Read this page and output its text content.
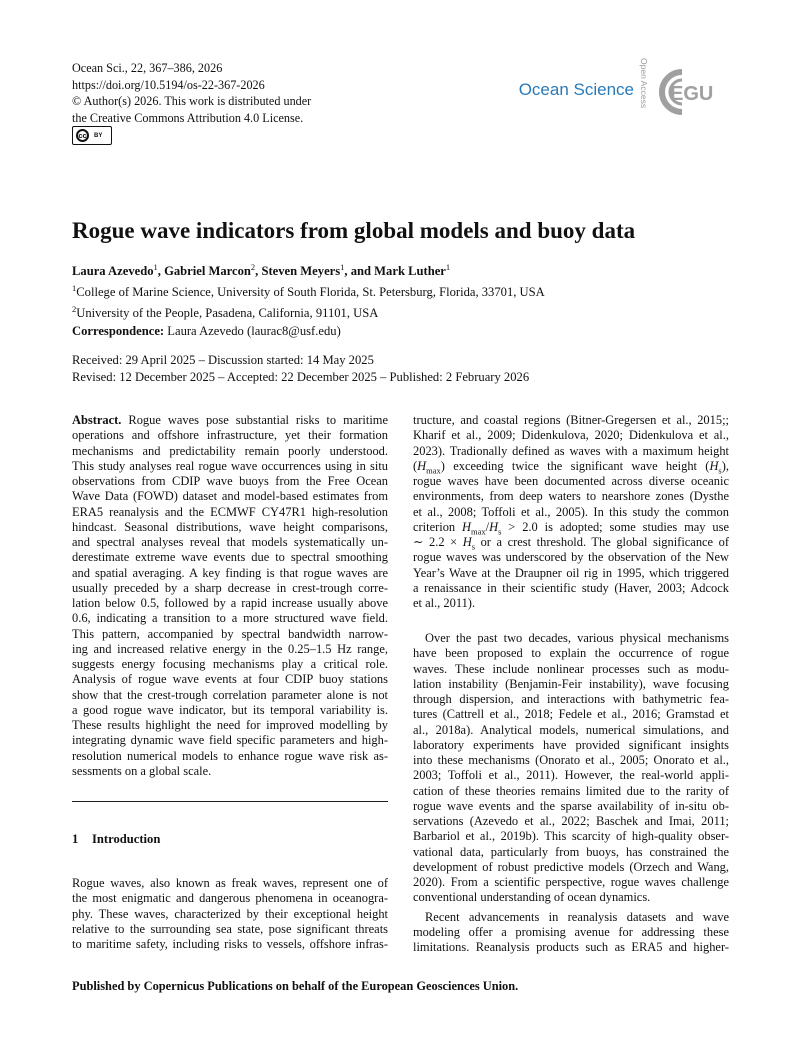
Ocean Sci., 22, 367–386, 2026
https://doi.org/10.5194/os-22-367-2026
© Author(s) 2026. This work is distributed under
the Creative Commons Attribution 4.0 License.
cc	BY
Ocean Science Open Access EGU
Rogue wave indicators from global models and buoy data
Laura Azevedo$^1$, Gabriel Marcon$^2$, Steven Meyers$^1$, and Mark Luther$^1$
$^1$College of Marine Science, University of South Florida, St. Petersburg, Florida, 33701, USA
$^2$University of the People, Pasadena, California, 91101, USA
Correspondence: Laura Azevedo (laurac8@usf.edu)
Received: 29 April 2025 – Discussion started: 14 May 2025
Revised: 12 December 2025 – Accepted: 22 December 2025 – Published: 2 February 2026
Abstract. Rogue waves pose substantial risks to maritime
operations and offshore infrastructure, yet their formation
mechanisms and predictability remain poorly understood.
This study analyses real rogue wave occurrences using in situ
observations from CDIP wave buoys from the Free Ocean
Wave Data (FOWD) dataset and model-based estimates from
ERA5 reanalysis and the ECMWF CY47R1 high-resolution
hindcast. Seasonal distributions, wave height comparisons,
and spectral analyses reveal that models systematically un-
derestimate extreme wave events due to spectral smoothing
and spatial averaging. A key finding is that rogue waves are
usually preceded by a sharp decrease in crest-trough corre-
lation below 0.5, followed by a rapid increase usually above
0.6, indicating a transition to a more structured wave field.
This pattern, accompanied by spectral bandwidth narrow-
ing and increased relative energy in the 0.25–1.5 Hz range,
suggests energy focusing mechanisms play a critical role.
Analysis of rogue wave events at four CDIP buoy stations
show that the crest-trough correlation parameter alone is not
a good rogue wave indicator, but its temporal variability is.
These results highlight the need for improved modelling by
integrating dynamic wave field specific parameters and high-
resolution numerical models to enhance rogue wave risk as-
sessments on a global scale.
1 Introduction
Rogue waves, also known as freak waves, represent one of
the most enigmatic and dangerous phenomena in oceanogra-
phy. These waves, characterized by their exceptional height
relative to the surrounding sea state, pose significant threats
to maritime safety, including risks to vessels, offshore infras-
tructure, and coastal regions (Bitner-Gregersen et al., 2015;;
Kharif et al., 2009; Didenkulova, 2020; Didenkulova et al.,
2023). Tradionally defined as waves with a maximum height
$(H_{max})$ exceeding twice the significant wave height $(H_s)$,
rogue waves have been documented across diverse oceanic
environments, from deep waters to nearshore zones (Dysthe
et al., 2008; Toffoli et al., 2005). In this study the common
criterion $H_{max}/H_s > 2.0$ is adopted; some studies may use
∼ $2.2 \times H_s$ or a crest threshold. The global significance of
rogue waves was underscored by the observation of the New
Year’s Wave at the Draupner oil rig in 1995, which triggered
a renaissance in their scientific study (Haver, 2003; Adcock
et al., 2011).
Over the past two decades, various physical mechanisms
have been proposed to explain the occurrence of rogue
waves. These include nonlinear processes such as modu-
lation instability (Benjamin-Feir instability), wave focusing
through dispersion, and interactions with bathymetric fea-
tures (Cattrell et al., 2018; Fedele et al., 2016; Gramstad et
al., 2018a). Analytical models, numerical simulations, and
laboratory experiments have provided significant insights
into these mechanisms (Onorato et al., 2005; Onorato et al.,
2003; Toffoli et al., 2011). However, the real-world appli-
cation of these theories remains limited due to the rarity of
rogue wave events and the sparse availability of in-situ ob-
servations (Azevedo et al., 2022; Baschek and Imai, 2011;
Barbariol et al., 2019b). This scarcity of high-quality obser-
vational data, particularly from buoys, has constrained the
development of robust predictive models (Orzech and Wang,
2020). From a scientific perspective, rogue waves challenge
conventional understanding of ocean dynamics.
Recent advancements in reanalysis datasets and wave
modeling offer a promising avenue for addressing these
limitations. Reanalysis products such as ERA5 and higher-
Published by Copernicus Publications on behalf of the European Geosciences Union.
